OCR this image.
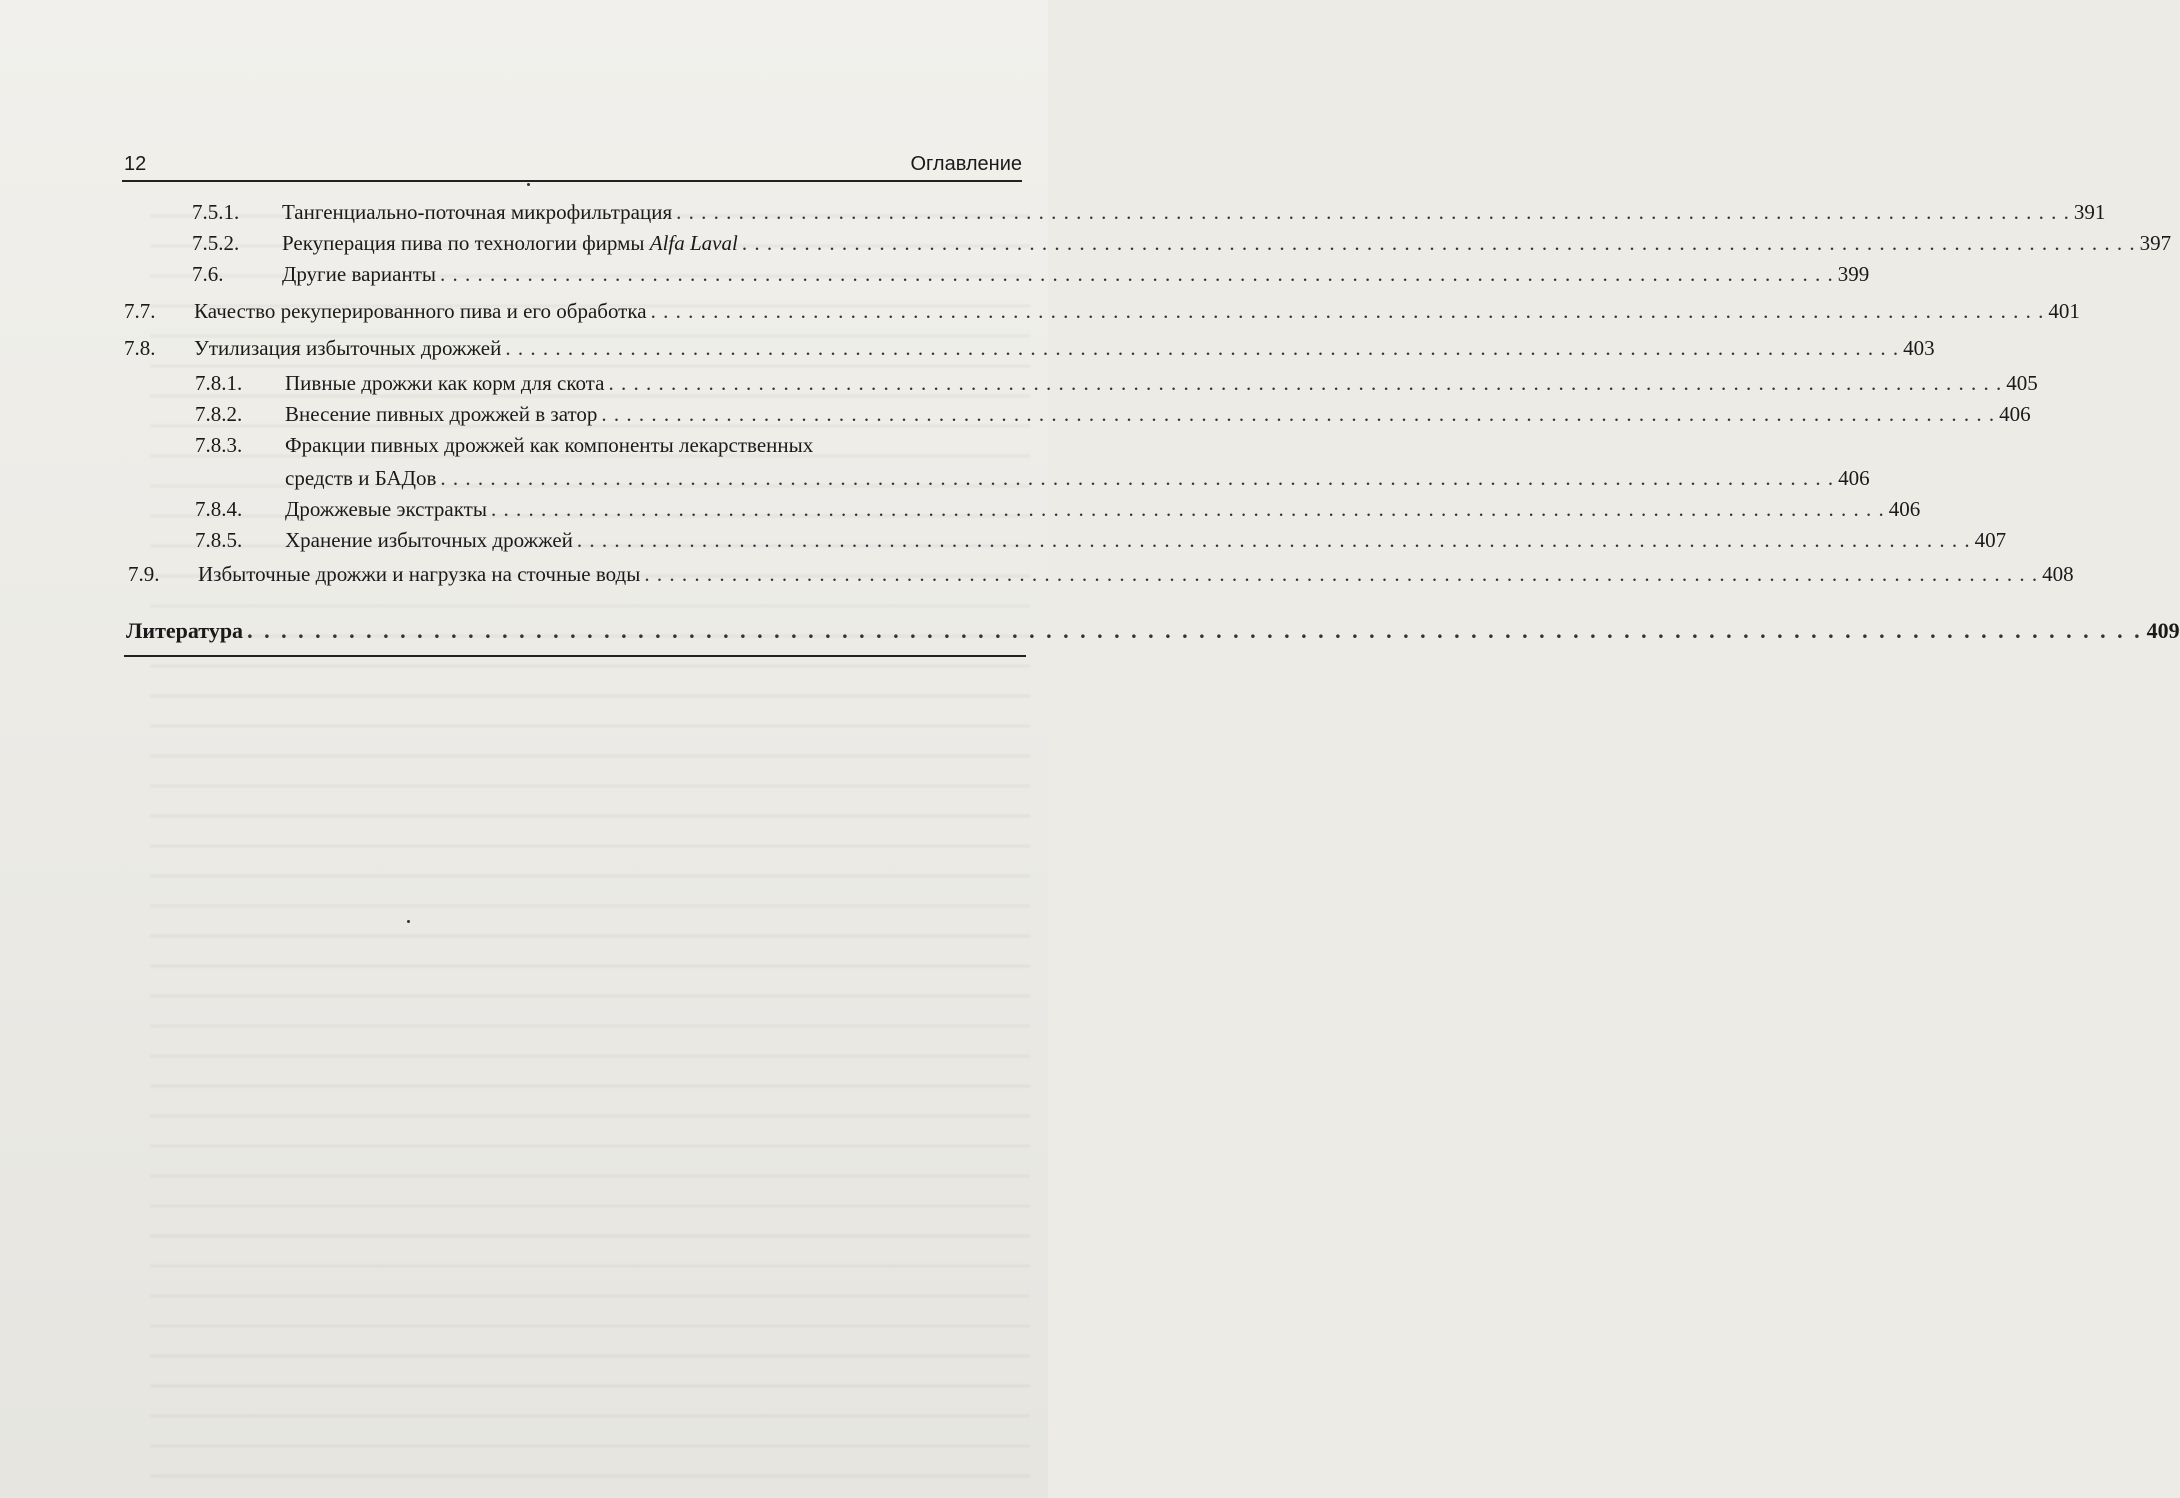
12	Оглавление
7.5.1.	Тангенциально-поточная микрофильтрация . . . . . . . . . . . . . . . . . . . . . . . . . . . . . . . . . . . . . . . . . . . . . . . . . . . . . . . . . . . . . . . . . . . . . . . . . . . . . . . . . . . . . . . . . . . . . . . . . . . . . . . . . . . . . . . . 391
7.5.2.	Рекуперация пива по технологии фирмы Alfa Laval . . . . . . . . . . . . . . . . . . . . . . . . . . . . . . . . . . . . . . . . . . . . . . . . . . . . . . . . . . . . . . . . . . . . . . . . . . . . . . . . . . . . . . . . . . . . . . . . . . . . . . . . . . . . . . . . 397
7.6.	Другие варианты . . . . . . . . . . . . . . . . . . . . . . . . . . . . . . . . . . . . . . . . . . . . . . . . . . . . . . . . . . . . . . . . . . . . . . . . . . . . . . . . . . . . . . . . . . . . . . . . . . . . . . . . . . . . . . . . 399
7.7.	Качество рекуперированного пива и его обработка . . . . . . . . . . . . . . . . . . . . . . . . . . . . . . . . . . . . . . . . . . . . . . . . . . . . . . . . . . . . . . . . . . . . . . . . . . . . . . . . . . . . . . . . . . . . . . . . . . . . . . . . . . . . . . . . 401
7.8.	Утилизация избыточных дрожжей . . . . . . . . . . . . . . . . . . . . . . . . . . . . . . . . . . . . . . . . . . . . . . . . . . . . . . . . . . . . . . . . . . . . . . . . . . . . . . . . . . . . . . . . . . . . . . . . . . . . . . . . . . . . . . . . 403
7.8.1.	Пивные дрожжи как корм для скота . . . . . . . . . . . . . . . . . . . . . . . . . . . . . . . . . . . . . . . . . . . . . . . . . . . . . . . . . . . . . . . . . . . . . . . . . . . . . . . . . . . . . . . . . . . . . . . . . . . . . . . . . . . . . . . . 405
7.8.2.	Внесение пивных дрожжей в затор . . . . . . . . . . . . . . . . . . . . . . . . . . . . . . . . . . . . . . . . . . . . . . . . . . . . . . . . . . . . . . . . . . . . . . . . . . . . . . . . . . . . . . . . . . . . . . . . . . . . . . . . . . . . . . . . 406
7.8.3.	Фракции пивных дрожжей как компоненты лекарственных
средств и БАДов . . . . . . . . . . . . . . . . . . . . . . . . . . . . . . . . . . . . . . . . . . . . . . . . . . . . . . . . . . . . . . . . . . . . . . . . . . . . . . . . . . . . . . . . . . . . . . . . . . . . . . . . . . . . . . . . 406
7.8.4.	Дрожжевые экстракты . . . . . . . . . . . . . . . . . . . . . . . . . . . . . . . . . . . . . . . . . . . . . . . . . . . . . . . . . . . . . . . . . . . . . . . . . . . . . . . . . . . . . . . . . . . . . . . . . . . . . . . . . . . . . . . . 406
7.8.5.	Хранение избыточных дрожжей . . . . . . . . . . . . . . . . . . . . . . . . . . . . . . . . . . . . . . . . . . . . . . . . . . . . . . . . . . . . . . . . . . . . . . . . . . . . . . . . . . . . . . . . . . . . . . . . . . . . . . . . . . . . . . . . 407
7.9.	Избыточные дрожжи и нагрузка на сточные воды . . . . . . . . . . . . . . . . . . . . . . . . . . . . . . . . . . . . . . . . . . . . . . . . . . . . . . . . . . . . . . . . . . . . . . . . . . . . . . . . . . . . . . . . . . . . . . . . . . . . . . . . . . . . . . . . 408
Литература . . . . . . . . . . . . . . . . . . . . . . . . . . . . . . . . . . . . . . . . . . . . . . . . . . . . . . . . . . . . . . . . . . . . . . . . . . . . . . . . . . . . . . . . . . . . . . . . . . . . . . . . . . . . . . . . 409
